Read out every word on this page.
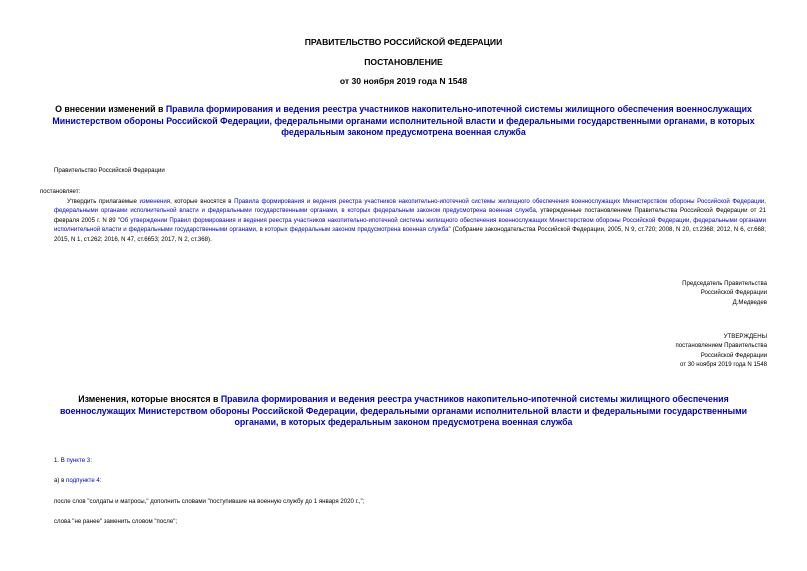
ПРАВИТЕЛЬСТВО РОССИЙСКОЙ ФЕДЕРАЦИИ
ПОСТАНОВЛЕНИЕ
от 30 ноября 2019 года N 1548
О внесении изменений в Правила формирования и ведения реестра участников накопительно-ипотечной системы жилищного обеспечения военнослужащих Министерством обороны Российской Федерации, федеральными органами исполнительной власти и федеральными государственными органами, в которых федеральным законом предусмотрена военная служба
Правительство Российской Федерации
постановляет:
Утвердить прилагаемые изменения, которые вносятся в Правила формирования и ведения реестра участников накопительно-ипотечной системы жилищного обеспечения военнослужащих Министерством обороны Российской Федерации, федеральными органами исполнительной власти и федеральными государственными органами, в которых федеральным законом предусмотрена военная служба, утвержденные постановлением Правительства Российской Федерации от 21 февраля 2005 г. N 89 "Об утверждении Правил формирования и ведения реестра участников накопительно-ипотечной системы жилищного обеспечения военнослужащих Министерством обороны Российской Федерации, федеральными органами исполнительной власти и федеральными государственными органами, в которых федеральным законом предусмотрена военная служба" (Собрание законодательства Российской Федерации, 2005, N 9, ст.720; 2008, N 20, ст.2368; 2012, N 6, ст.668; 2015, N 1, ст.262; 2016, N 47, ст.6653; 2017, N 2, ст.368).
Председатель Правительства
Российской Федерации
Д.Медведев
УТВЕРЖДЕНЫ
постановлением Правительства
Российской Федерации
от 30 ноября 2019 года N 1548
Изменения, которые вносятся в Правила формирования и ведения реестра участников накопительно-ипотечной системы жилищного обеспечения военнослужащих Министерством обороны Российской Федерации, федеральными органами исполнительной власти и федеральными государственными органами, в которых федеральным законом предусмотрена военная служба
1. В пункте 3:
а) в подпункте 4:
после слов "солдаты и матросы," дополнить словами "поступившие на военную службу до 1 января 2020 г.,";
слова "не ранее" заменить словом "после";
